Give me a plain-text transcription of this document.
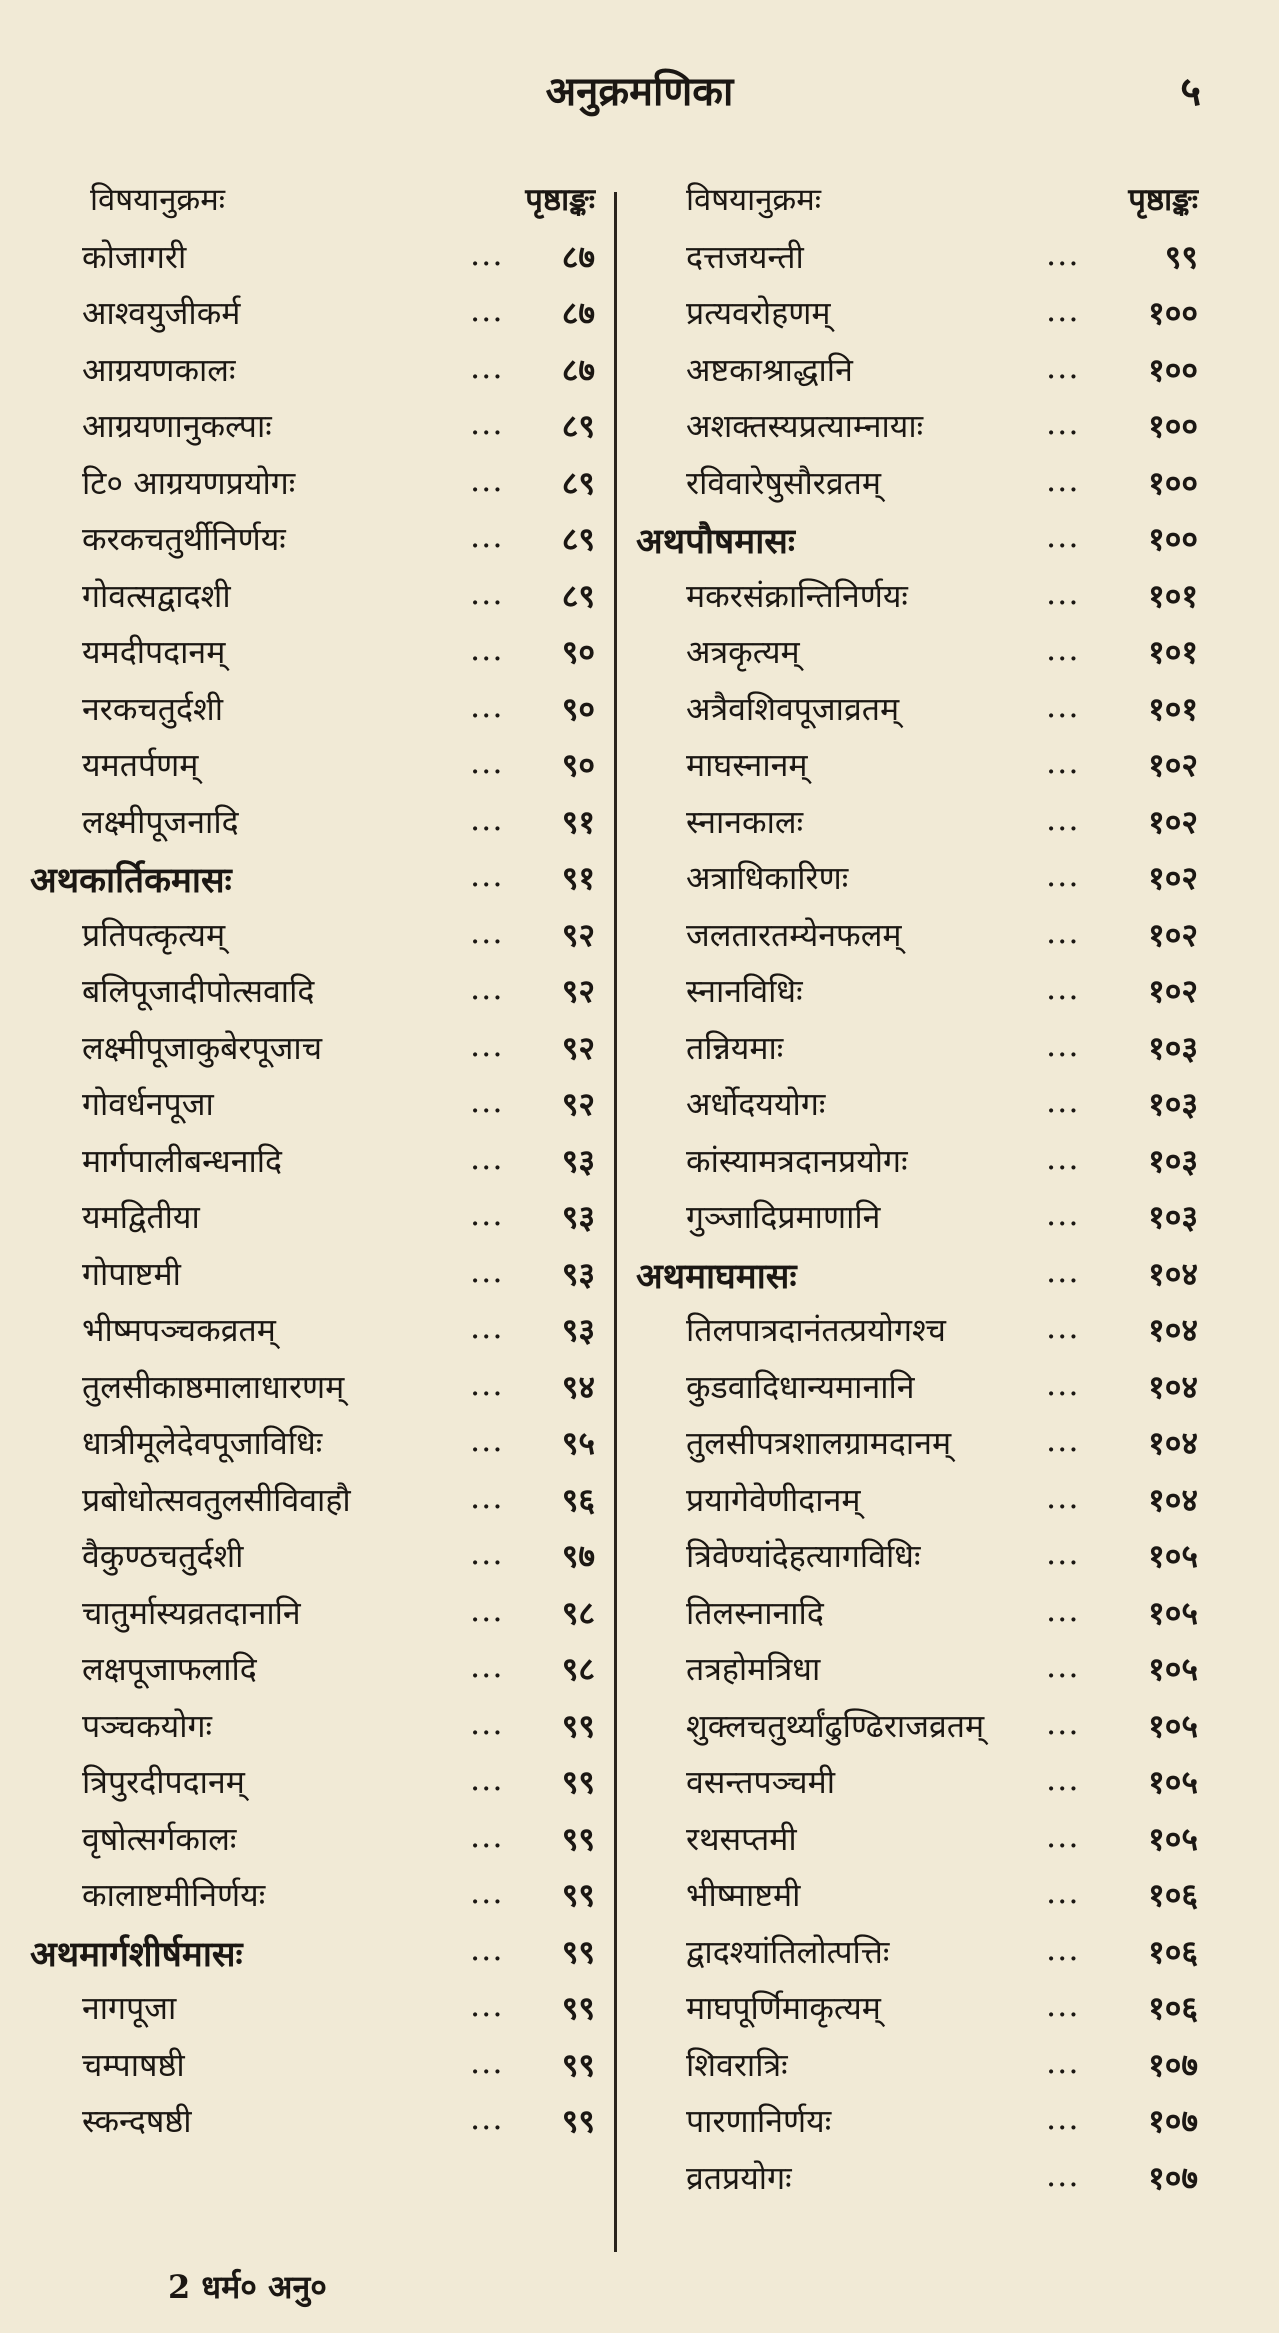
अनुक्रमणिका	५
विषयानुक्रमः	पृष्ठाङ्कः
कोजागरी	... ८७
आश्वयुजीकर्म	... ८७
आग्रयणकालः	... ८७
आग्रयणानुकल्पाः	... ८९
टि० आग्रयणप्रयोगः	... ८९
करकचतुर्थीनिर्णयः	... ८९
गोवत्सद्वादशी	... ८९
यमदीपदानम्	... ९०
नरकचतुर्दशी	... ९०
यमतर्पणम्	... ९०
लक्ष्मीपूजनादि	... ९१
अथकार्तिकमासः	... ९१
प्रतिपत्कृत्यम्	... ९२
बलिपूजादीपोत्सवादि	... ९२
लक्ष्मीपूजाकुबेरपूजाच	... ९२
गोवर्धनपूजा	... ९२
मार्गपालीबन्धनादि	... ९३
यमद्वितीया	... ९३
गोपाष्टमी	... ९३
भीष्मपञ्चकव्रतम्	... ९३
तुलसीकाष्ठमालाधारणम्	... ९४
धात्रीमूलेदेवपूजाविधिः	... ९५
प्रबोधोत्सवतुलसीविवाहौ	... ९६
वैकुण्ठचतुर्दशी	... ९७
चातुर्मास्यव्रतदानानि	... ९८
लक्षपूजाफलादि	... ९८
पञ्चकयोगः	... ९९
त्रिपुरदीपदानम्	... ९९
वृषोत्सर्गकालः	... ९९
कालाष्टमीनिर्णयः	... ९९
अथमार्गशीर्षमासः	... ९९
नागपूजा	... ९९
चम्पाषष्ठी	... ९९
स्कन्दषष्ठी	... ९९
विषयानुक्रमः	पृष्ठाङ्कः
दत्तजयन्ती	...	९९
प्रत्यवरोहणम्	... १००
अष्टकाश्राद्धानि	... १००
अशक्तस्यप्रत्याम्नायाः	... १००
रविवारेषुसौरव्रतम्	... १००
अथपौषमासः	... १००
मकरसंक्रान्तिनिर्णयः	... १०१
अत्रकृत्यम्	... १०१
अत्रैवशिवपूजाव्रतम्	... १०१
माघस्नानम्	... १०२
स्नानकालः	... १०२
अत्राधिकारिणः	... १०२
जलतारतम्येनफलम्	... १०२
स्नानविधिः	... १०२
तन्नियमाः	... १०३
अर्धोदययोगः	... १०३
कांस्यामत्रदानप्रयोगः	... १०३
गुञ्जादिप्रमाणानि	... १०३
अथमाघमासः	... १०४
तिलपात्रदानंतत्प्रयोगश्च	... १०४
कुडवादिधान्यमानानि	... १०४
तुलसीपत्रशालग्रामदानम्	... १०४
प्रयागेवेणीदानम्	... १०४
त्रिवेण्यांदेहत्यागविधिः	... १०५
तिलस्नानादि	... १०५
तत्रहोमत्रिधा	... १०५
शुक्लचतुर्थ्यांढुण्ढिराजव्रतम् ... १०५
वसन्तपञ्चमी	... १०५
रथसप्तमी	... १०५
भीष्माष्टमी	... १०६
द्वादश्यांतिलोत्पत्तिः	... १०६
माघपूर्णिमाकृत्यम्	... १०६
शिवरात्रिः	... १०७
पारणानिर्णयः	... १०७
व्रतप्रयोगः	... १०७
2 धर्म० अनु०
